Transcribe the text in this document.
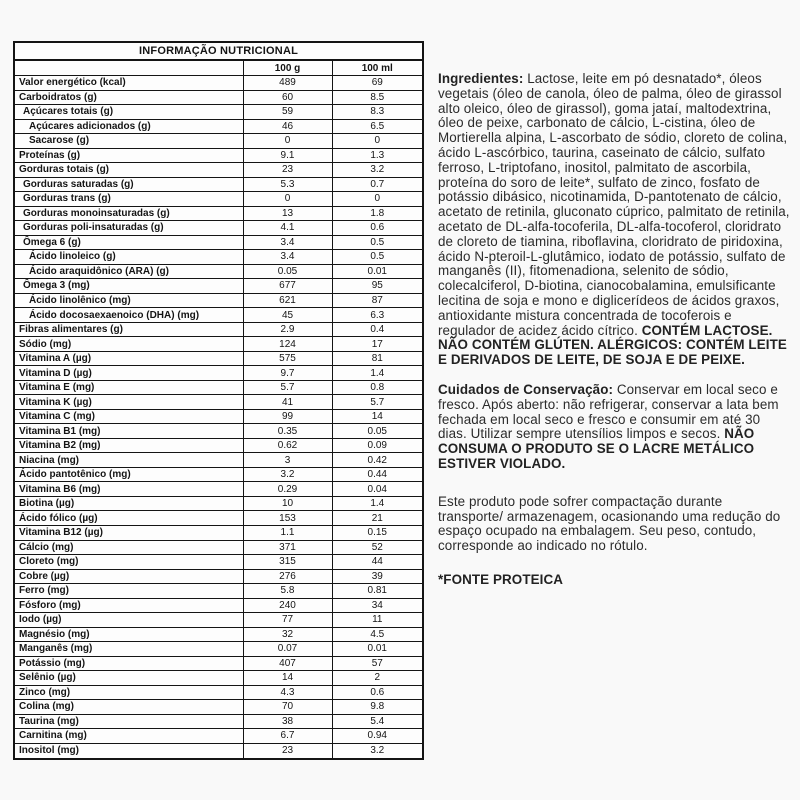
INFORMAÇÃO NUTRICIONAL		
	100 g	100 ml
Valor energético (kcal)	489	69
Carboidratos (g)	60	8.5
Açúcares totais (g)	59	8.3
Açúcares adicionados (g)	46	6.5
Sacarose (g)	0	0
Proteínas (g)	9.1	1.3
Gorduras totais (g)	23	3.2
Gorduras saturadas (g)	5.3	0.7
Gorduras trans (g)	0	0
Gorduras monoinsaturadas (g)	13	1.8
Gorduras poli-insaturadas (g)	4.1	0.6
Ômega 6 (g)	3.4	0.5
Ácido linoleico (g)	3.4	0.5
Ácido araquidônico (ARA) (g)	0.05	0.01
Ômega 3 (mg)	677	95
Ácido linolênico (mg)	621	87
Ácido docosaexaenoico (DHA) (mg)	45	6.3
Fibras alimentares (g)	2.9	0.4
Sódio (mg)	124	17
Vitamina A (µg)	575	81
Vitamina D (µg)	9.7	1.4
Vitamina E (mg)	5.7	0.8
Vitamina K (µg)	41	5.7
Vitamina C (mg)	99	14
Vitamina B1 (mg)	0.35	0.05
Vitamina B2 (mg)	0.62	0.09
Niacina (mg)	3	0.42
Ácido pantotênico (mg)	3.2	0.44
Vitamina B6 (mg)	0.29	0.04
Biotina (µg)	10	1.4
Ácido fólico (µg)	153	21
Vitamina B12 (µg)	1.1	0.15
Cálcio (mg)	371	52
Cloreto (mg)	315	44
Cobre (µg)	276	39
Ferro (mg)	5.8	0.81
Fósforo (mg)	240	34
Iodo (µg)	77	11
Magnésio (mg)	32	4.5
Manganês (mg)	0.07	0.01
Potássio (mg)	407	57
Selênio (µg)	14	2
Zinco (mg)	4.3	0.6
Colina (mg)	70	9.8
Taurina (mg)	38	5.4
Carnitina (mg)	6.7	0.94
Inositol (mg)	23	3.2

Ingredientes: Lactose, leite em pó desnatado*, óleos vegetais (óleo de canola, óleo de palma, óleo de girassol alto oleico, óleo de girassol), goma jataí, maltodextrina, óleo de peixe, carbonato de cálcio, L-cistina, óleo de Mortierella alpina, L-ascorbato de sódio, cloreto de colina, ácido L-ascórbico, taurina, caseinato de cálcio, sulfato ferroso, L-triptofano, inositol, palmitato de ascorbila, proteína do soro de leite*, sulfato de zinco, fosfato de potássio dibásico, nicotinamida, D-pantotenato de cálcio, acetato de retinila, gluconato cúprico, palmitato de retinila, acetato de DL-alfa-tocoferila, DL-alfa-tocoferol, cloridrato de cloreto de tiamina, riboflavina, cloridrato de piridoxina, ácido N-pteroil-L-glutâmico, iodato de potássio, sulfato de manganês (II), fitomenadiona, selenito de sódio, colecalciferol, D-biotina, cianocobalamina, emulsificante lecitina de soja e mono e diglicerídeos de ácidos graxos, antioxidante mistura concentrada de tocoferois e regulador de acidez ácido cítrico. CONTÉM LACTOSE. NÃO CONTÉM GLÚTEN. ALÉRGICOS: CONTÉM LEITE E DERIVADOS DE LEITE, DE SOJA E DE PEIXE.

Cuidados de Conservação: Conservar em local seco e fresco. Após aberto: não refrigerar, conservar a lata bem fechada em local seco e fresco e consumir em até 30 dias. Utilizar sempre utensílios limpos e secos. NÃO CONSUMA O PRODUTO SE O LACRE METÁLICO ESTIVER VIOLADO.

Este produto pode sofrer compactação durante transporte/ armazenagem, ocasionando uma redução do espaço ocupado na embalagem. Seu peso, contudo, corresponde ao indicado no rótulo.

*FONTE PROTEICA
